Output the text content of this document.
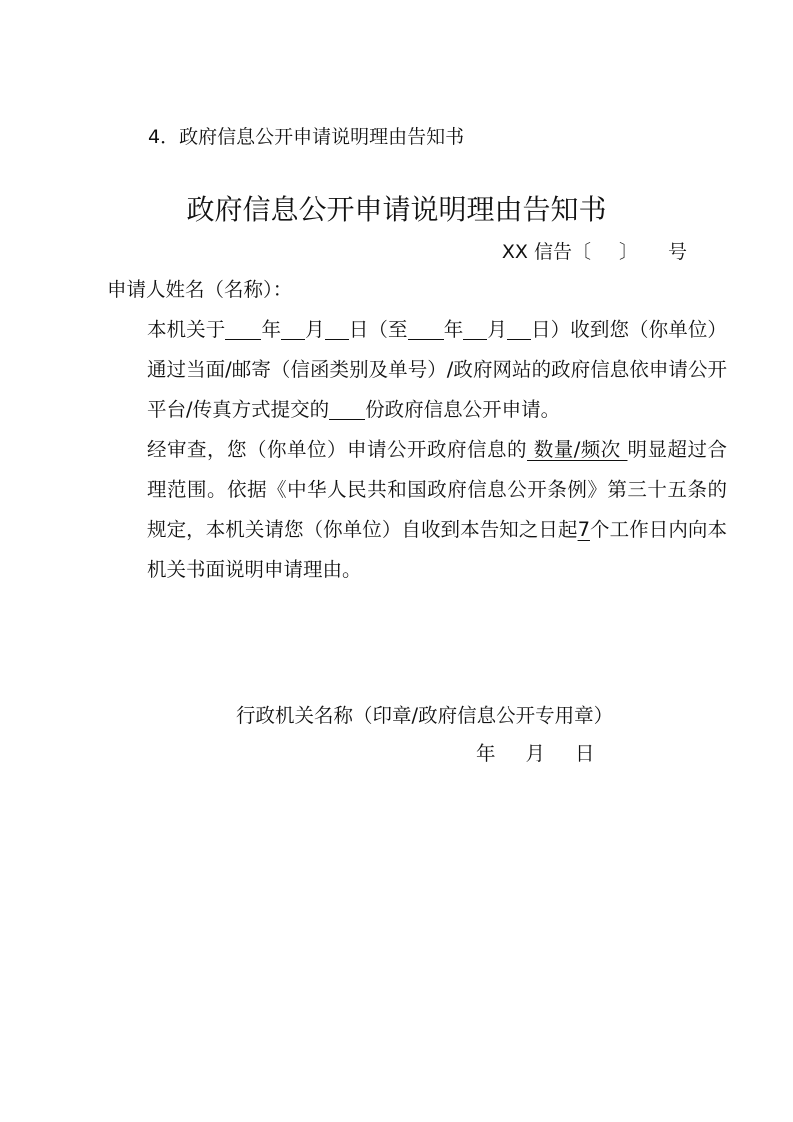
4．政府信息公开申请说明理由告知书
政府信息公开申请说明理由告知书
XX 信告〔 〕 号
申请人姓名（名称）：
本机关于 年 月 日（至 年 月 日）收到您（你单位）通过当面/邮寄（信函类别及单号）/政府网站的政府信息依申请公开平台/传真方式提交的 份政府信息公开申请。
经审查，您（你单位）申请公开政府信息的 数量/频次 明显超过合理范围。依据《中华人民共和国政府信息公开条例》第三十五条的规定，本机关请您（你单位）自收到本告知之日起7个工作日内向本机关书面说明申请理由。
行政机关名称（印章/政府信息公开专用章）
年 月 日
